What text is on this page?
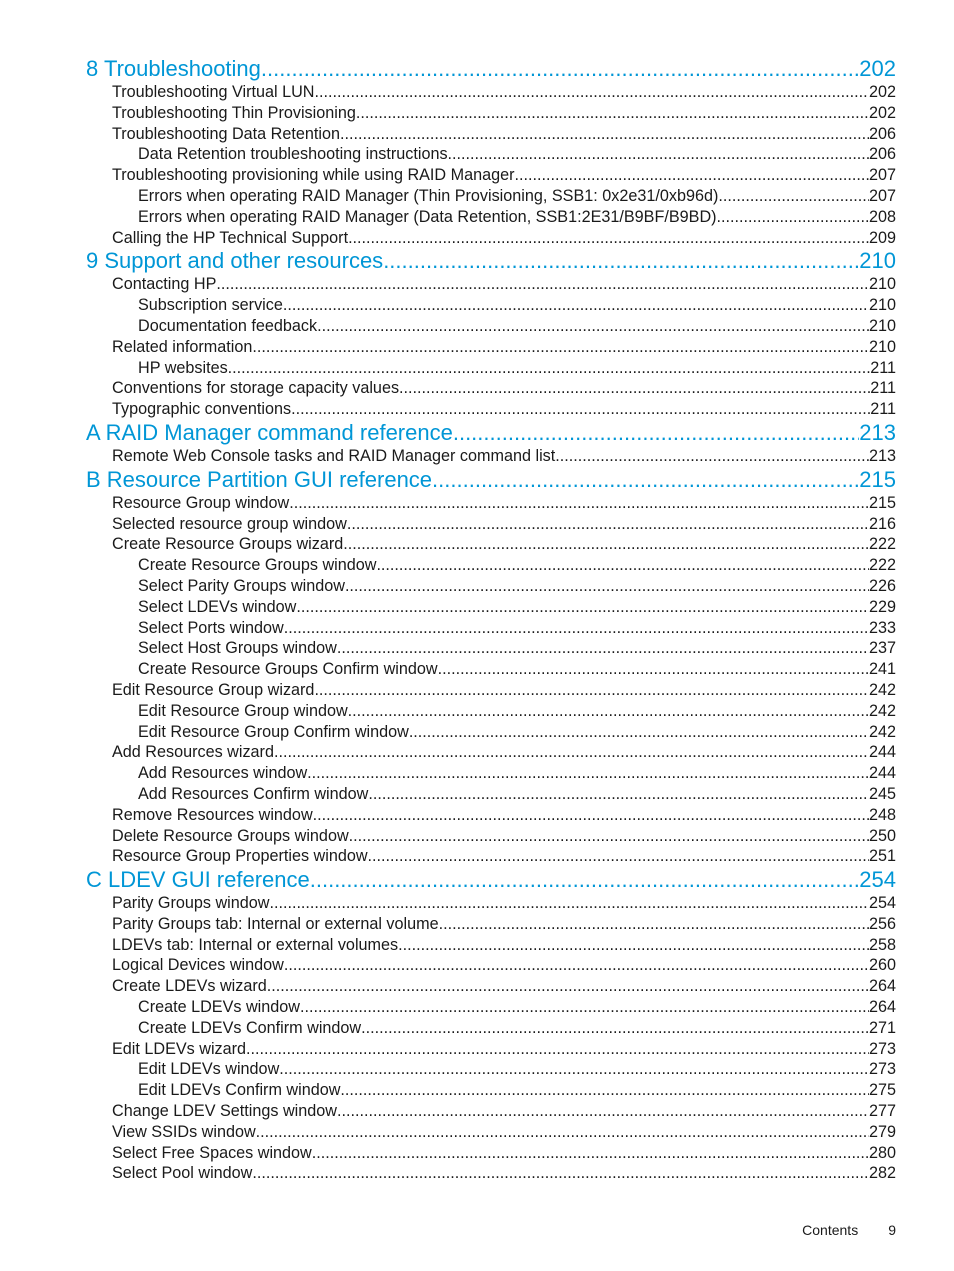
8 Troubleshooting .....	202
Troubleshooting Virtual LUN .....	202
Troubleshooting Thin Provisioning .....	202
Troubleshooting Data Retention .....	206
Data Retention troubleshooting instructions .....	206
Troubleshooting provisioning while using RAID Manager .....	207
Errors when operating RAID Manager (Thin Provisioning, SSB1: 0x2e31/0xb96d) .....	207
Errors when operating RAID Manager (Data Retention, SSB1:2E31/B9BF/B9BD) .....	208
Calling the HP Technical Support .....	209
9 Support and other resources .....	210
Contacting HP .....	210
Subscription service .....	210
Documentation feedback .....	210
Related information .....	210
HP websites .....	211
Conventions for storage capacity values .....	211
Typographic conventions .....	211
A RAID Manager command reference .....	213
Remote Web Console tasks and RAID Manager command list .....	213
B Resource Partition GUI reference .....	215
Resource Group window .....	215
Selected resource group window .....	216
Create Resource Groups wizard .....	222
Create Resource Groups window .....	222
Select Parity Groups window .....	226
Select LDEVs window .....	229
Select Ports window .....	233
Select Host Groups window .....	237
Create Resource Groups Confirm window .....	241
Edit Resource Group wizard .....	242
Edit Resource Group window .....	242
Edit Resource Group Confirm window .....	242
Add Resources wizard .....	244
Add Resources window .....	244
Add Resources Confirm window .....	245
Remove Resources window .....	248
Delete Resource Groups window .....	250
Resource Group Properties window .....	251
C LDEV GUI reference .....	254
Parity Groups window .....	254
Parity Groups tab: Internal or external volume .....	256
LDEVs tab: Internal or external volumes .....	258
Logical Devices window .....	260
Create LDEVs wizard .....	264
Create LDEVs window .....	264
Create LDEVs Confirm window .....	271
Edit LDEVs wizard .....	273
Edit LDEVs window .....	273
Edit LDEVs Confirm window .....	275
Change LDEV Settings window .....	277
View SSIDs window .....	279
Select Free Spaces window .....	280
Select Pool window .....	282
Contents 9
